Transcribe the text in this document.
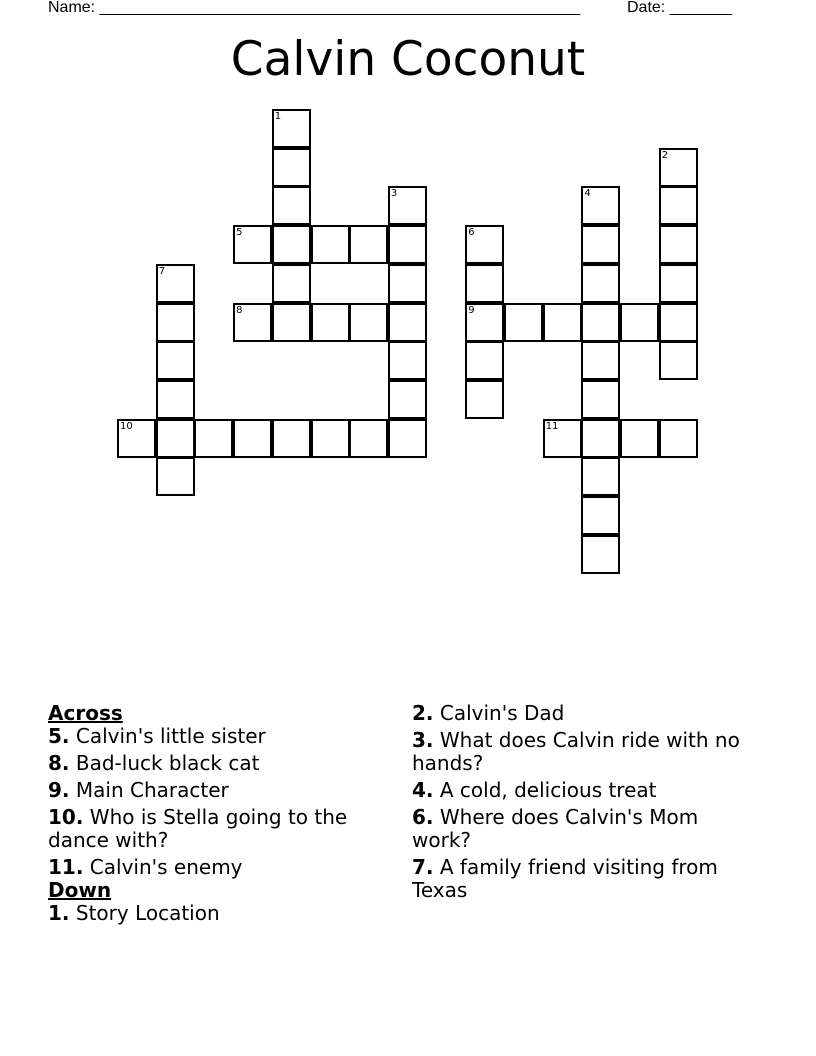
Name: ______________________________________________________	Date: _______
Calvin Coconut
1
2
3	4
5	6
9
7
8
10	11

Across

5. Calvin's little sister

8. Bad-luck black cat

9. Main Character

10. Who is Stella going to the dance with?

11. Calvin's enemy

Down

1. Story Location

2. Calvin's Dad

3. What does Calvin ride with no hands?

4. A cold, delicious treat

6. Where does Calvin's Mom work?

7. A family friend visiting from Texas
